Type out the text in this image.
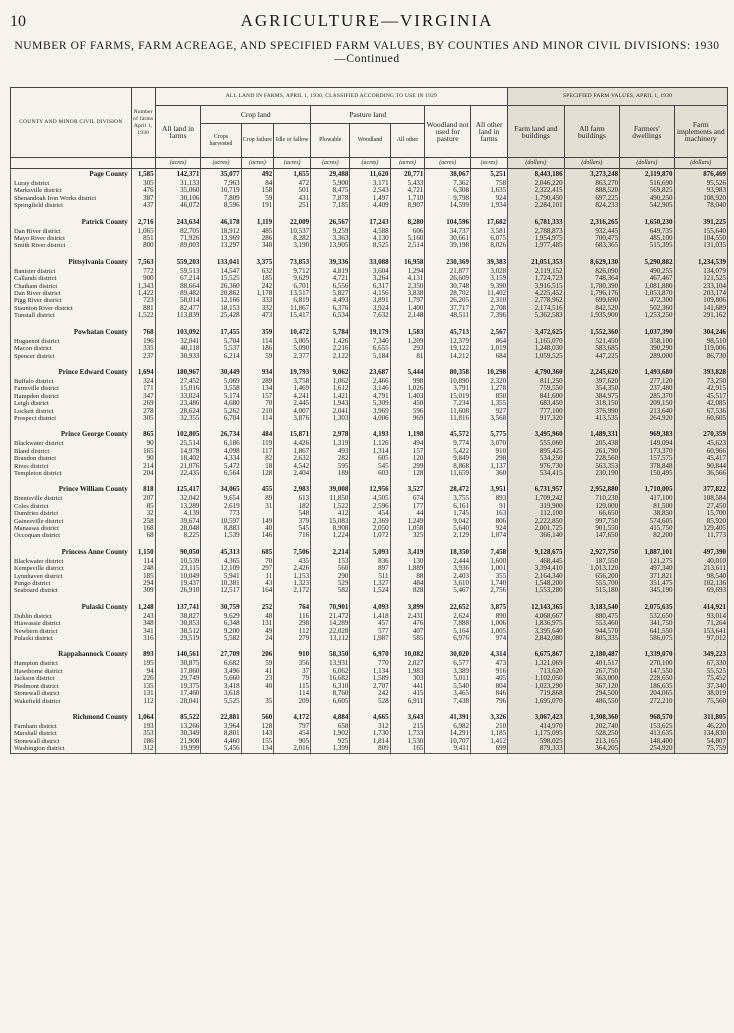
10	AGRICULTURE—VIRGINIA
NUMBER OF FARMS, FARM ACREAGE, AND SPECIFIED FARM VALUES, BY COUNTIES AND MINOR CIVIL DIVISIONS: 1930—Continued
COUNTY AND MINOR CIVIL DIVISION	Number of farms April 1, 1930	ALL LAND IN FARMS, APRIL 1, 1930, CLASSIFIED ACCORDING TO USE IN 1929									SPECIFIED FARM VALUES, APRIL 1, 1930			
		All land in farms	Crop land			Pasture land			Woodland not used for pasture	All other land in farms	Farm land and buildings	All farm buildings	Farmers' dwellings	Farm implements and machinery
			Crops harvested	Crop failure	Idle or fallow	Plowable	Woodland	All other						
		(acres)	(acres)	(acres)	(acres)	(acres)	(acres)	(acres)	(acres)	(acres)	(dollars)	(dollars)	(dollars)	(dollars)
Page County	1,585	142,371	35,077	492	1,655	29,488	11,620	20,771	38,067	5,251	8,443,186	3,273,248	2,119,870	876,469
Luray district	305	31,133	7,963	84	472	5,900	3,171	5,433	7,362	758	2,046,220	863,270	516,690	95,526
Marksville district	476	35,060	10,719	158	501	8,475	2,543	4,721	6,308	1,635	2,322,415	888,520	569,825	93,983
Shenandoah Iron Works district	387	30,106	7,809	59	431	7,878	1,497	1,710	9,798	924	1,790,450	697,225	490,250	108,920
Springfield district	437	46,072	8,596	191	251	7,185	4,409	8,907	14,599	1,934	2,284,101	824,233	542,905	78,040

Patrick County	2,716	243,634	46,178	1,119	22,009	26,567	17,243	8,280	104,596	17,682	6,781,333	2,316,265	1,650,230	391,225
Dan River district	1,065	82,705	18,912	485	10,537	9,259	4,588	606	34,737	3,581	2,788,873	932,445	649,735	155,640
Mayo River district	851	71,926	13,969	286	8,282	3,363	4,130	5,160	30,661	6,075	1,954,975	700,475	485,100	104,550
Smith River district	800	89,003	13,297	348	3,190	13,905	8,525	2,514	39,198	8,026	1,977,485	683,365	515,395	131,035

Pittsylvania County	7,563	559,203	133,041	3,375	73,853	39,336	33,088	16,958	230,369	39,383	21,051,353	8,629,130	5,290,882	1,234,539
Banister district	772	59,513	14,547	632	9,712	4,819	3,604	1,294	21,877	3,028	2,119,152	826,090	490,255	134,079
Callands district	900	67,214	15,525	185	9,629	4,721	3,264	4,131	26,609	3,159	1,724,723	748,364	467,467	121,525
Chatham district	1,343	88,664	26,360	242	6,701	6,556	6,317	2,350	30,748	9,390	3,916,515	1,780,390	1,081,880	233,104
Dan River district	1,422	89,482	20,862	1,178	13,517	5,827	4,156	3,838	28,702	11,402	4,225,452	1,796,176	1,053,870	203,174
Pigg River district	723	58,014	12,166	333	6,819	4,493	3,891	1,797	26,205	2,310	2,778,962	699,690	472,300	109,806
Staunton River district	881	82,477	18,153	332	11,867	6,376	3,924	1,400	37,717	2,708	2,174,516	842,520	502,360	141,689
Tunstall district	1,522	113,839	25,428	473	15,417	6,534	7,632	2,148	48,511	7,396	5,362,583	1,935,900	1,253,250	291,162

Powhatan County	768	103,092	17,455	359	10,472	5,784	19,179	1,583	45,713	2,567	3,472,625	1,552,360	1,037,390	304,246
Huguenot district	196	32,041	5,704	114	3,005	1,426	7,340	1,209	12,379	864	1,165,070	521,450	358,100	98,510
Macon district	335	40,118	5,537	186	5,090	2,216	6,655	293	19,122	1,019	1,248,030	583,685	390,290	119,006
Spencer district	237	30,933	6,214	59	2,377	2,122	5,184	81	14,212	684	1,059,525	447,225	289,000	86,730

Prince Edward County	1,694	180,967	30,449	934	19,793	9,062	23,687	5,444	80,358	10,298	4,790,360	2,245,620	1,493,680	393,828
Buffalo district	324	27,452	5,069	289	3,758	1,062	2,466	998	10,890	2,320	811,250	397,620	277,120	73,250
Farmville district	171	15,016	3,558	134	1,469	1,612	3,146	1,026	3,791	1,278	759,550	354,350	237,480	42,915
Hampden district	347	33,024	5,174	157	4,241	1,421	4,791	1,403	15,019	850	841,600	384,975	285,370	45,517
Leigh district	269	23,486	4,680	70	2,445	1,943	5,309	450	7,234	1,355	683,450	318,150	209,150	42,085
Lockett district	278	28,624	5,262	210	4,007	2,041	3,969	596	11,608	927	777,100	376,990	213,640	67,536
Prospect district	305	32,355	6,704	114	3,876	1,303	4,006	969	11,816	3,568	917,320	413,535	264,920	60,605

Prince George County	865	102,805	26,734	484	15,871	2,978	4,193	1,198	45,572	5,775	3,495,960	1,489,331	969,383	270,359
Blackwater district	90	25,514	6,186	119	4,426	1,319	1,126	494	9,774	3,070	555,060	205,438	149,094	45,623
Bland district	165	14,978	4,098	117	1,867	493	1,314	157	5,422	910	895,425	261,790	173,370	60,966
Brandon district	90	18,402	4,334	82	2,632	282	605	120	9,849	298	534,250	228,560	157,575	45,417
Rives district	214	21,076	5,472	18	4,542	595	545	299	8,868	1,137	976,730	563,353	378,848	90,844
Templeton district	204	22,435	6,564	128	2,404	189	603	128	11,659	360	534,415	230,190	150,495	36,566

Prince William County	818	125,417	34,065	455	2,983	39,008	12,956	3,527	28,472	3,951	6,731,957	2,952,880	1,710,005	377,822
Brentsville district	207	32,042	9,654	89	613	11,850	4,505	674	3,755	893	1,709,242	710,230	417,100	108,584
Coles district	85	13,289	2,619	31	182	1,522	2,596	177	6,161	91	319,900	129,000	81,500	27,450
Dumfries district	32	4,139	773		548	412	454	44	1,745	163	112,100	66,650	38,850	15,700
Gainesville district	258	39,674	10,597	149	379	15,083	2,369	1,249	9,042	806	2,222,850	997,750	574,605	85,920
Manassas district	168	28,048	8,883	40	545	8,908	2,050	1,058	5,640	924	2,001,725	901,550	415,750	129,405
Occoquan district	68	8,225	1,539	146	716	1,224	1,072	325	2,129	1,074	366,140	147,650	82,200	11,773

Princess Anne County	1,150	90,050	45,313	685	7,506	2,214	5,093	3,419	18,350	7,458	9,128,675	2,927,750	1,887,101	497,390
Blackwater district	114	10,539	4,365	70	435	153	836	130	2,444	1,600	468,445	187,550	121,275	40,010
Kempsville district	248	23,115	12,109	297	2,426	560	897	1,889	3,936	1,001	3,394,410	1,013,120	497,340	213,611
Lynnhaven district	185	10,049	5,941	11	1,153	290	511	88	2,403	355	2,164,340	656,200	371,821	98,540
Pungo district	294	19,437	10,381	43	1,323	529	1,327	484	3,610	1,740	1,548,200	555,700	351,475	102,136
Seaboard district	309	26,910	12,517	164	2,172	582	1,524	828	5,467	2,756	1,553,280	515,180	345,190	69,693

Pulaski County	1,248	137,741	30,759	252	764	70,901	4,093	3,899	22,652	3,875	12,143,365	3,183,540	2,075,635	414,921
Dublin district	243	38,827	9,629	48	116	21,472	1,418	2,431	2,624	890	4,068,667	880,475	532,650	93,014
Hiawassie district	348	30,853	6,348	131	298	14,289	457	476	7,888	1,006	1,836,975	553,460	341,750	71,264
Newbern district	341	38,512	9,200	49	112	22,028	577	407	5,164	1,005	3,395,640	944,570	641,550	153,641
Pulaski district	316	29,519	5,582	24	279	13,112	1,987	585	6,976	974	2,842,080	805,335	586,075	97,012

Rappahannock County	893	140,561	27,709	206	910	58,350	6,970	10,082	30,020	4,314	6,675,867	2,180,487	1,339,070	349,223
Hampton district	195	30,875	6,682	59	356	13,931	770	2,027	6,577	473	1,321,069	401,517	270,100	67,330
Hawthorne district	94	17,060	3,496	41	37	6,062	1,134	1,983	3,389	916	713,620	267,750	147,550	55,525
Jackson district	226	29,749	5,660	23	79	16,682	1,589	303	5,011	405	1,102,050	363,000	228,650	75,452
Piedmont district	135	19,375	3,418	40	115	6,310	2,707	441	5,540	804	1,023,290	367,120	186,635	37,340
Stonewall district	131	17,460	3,618		114	8,760	242	415	3,465	846	719,868	294,500	204,065	38,019
Wakefield district	112	28,041	5,525	35	209	6,605	528	6,911	7,438	796	1,695,070	486,550	272,210	75,560

Richmond County	1,064	85,522	22,881	560	4,172	4,884	4,665	3,643	41,391	3,326	3,067,423	1,308,360	968,570	311,805
Farnham district	193	13,266	3,964	128	797	658	312	215	6,982	210	414,970	202,740	153,625	46,220
Marshall district	353	30,349	8,801	143	454	1,902	1,730	1,733	14,291	1,185	1,175,095	528,250	413,635	134,830
Stonewall district	186	21,908	4,460	155	905	925	1,814	1,530	10,707	1,412	598,025	213,165	148,400	54,807
Washington district	312	19,999	5,456	134	2,016	1,399	809	165	9,411	699	879,333	364,205	254,920	75,759
